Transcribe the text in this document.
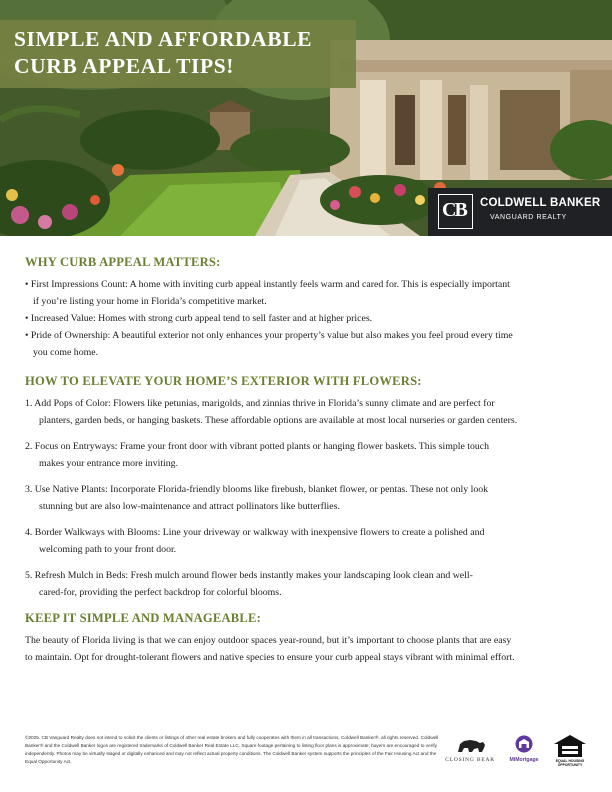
SIMPLE AND AFFORDABLE
CURB APPEAL TIPS!
CB COLDWELL BANKER
VANGUARD REALTY
WHY CURB APPEAL MATTERS:

• First Impressions Count: A home with inviting curb appeal instantly feels warm and cared for. This is especially important

if you’re listing your home in Florida’s competitive market.

• Increased Value: Homes with strong curb appeal tend to sell faster and at higher prices.

• Pride of Ownership: A beautiful exterior not only enhances your property’s value but also makes you feel proud every time

you come home.

HOW TO ELEVATE YOUR HOME’S EXTERIOR WITH FLOWERS:

1. Add Pops of Color: Flowers like petunias, marigolds, and zinnias thrive in Florida’s sunny climate and are perfect for
planters, garden beds, or hanging baskets. These affordable options are available at most local nurseries or garden centers.

2. Focus on Entryways: Frame your front door with vibrant potted plants or hanging flower baskets. This simple touch
makes your entrance more inviting.

3. Use Native Plants: Incorporate Florida-friendly blooms like firebush, blanket flower, or pentas. These not only look
stunning but are also low-maintenance and attract pollinators like butterflies.

4. Border Walkways with Blooms: Line your driveway or walkway with inexpensive flowers to create a polished and
welcoming path to your front door.

5. Refresh Mulch in Beds: Fresh mulch around flower beds instantly makes your landscaping look clean and well-
cared-for, providing the perfect backdrop for colorful blooms.

KEEP IT SIMPLE AND MANAGEABLE:

The beauty of Florida living is that we can enjoy outdoor spaces year-round, but it’s important to choose plants that are easy

to maintain. Opt for drought-tolerant flowers and native species to ensure your curb appeal stays vibrant with minimal effort.

©2025. CB Vanguard Realty does not intend to solicit the clients or listings of other real estate brokers and fully cooperates with them in all transactions. Coldwell Banker®, all rights reserved. Coldwell Banker® and the Coldwell Banker logos are registered trademarks of Coldwell Banker Real Estate LLC. Square footage pertaining to listing floor plans is approximate; buyers are encouraged to verify independently. Photos may be virtually staged or digitally enhanced and may not reflect actual property conditions. The Coldwell Banker system supports the principles of the Fair Housing Act and the Equal Opportunity Act.	CLOSING BEAR	MiMortgage	EQUAL HOUSING OPPORTUNITY
